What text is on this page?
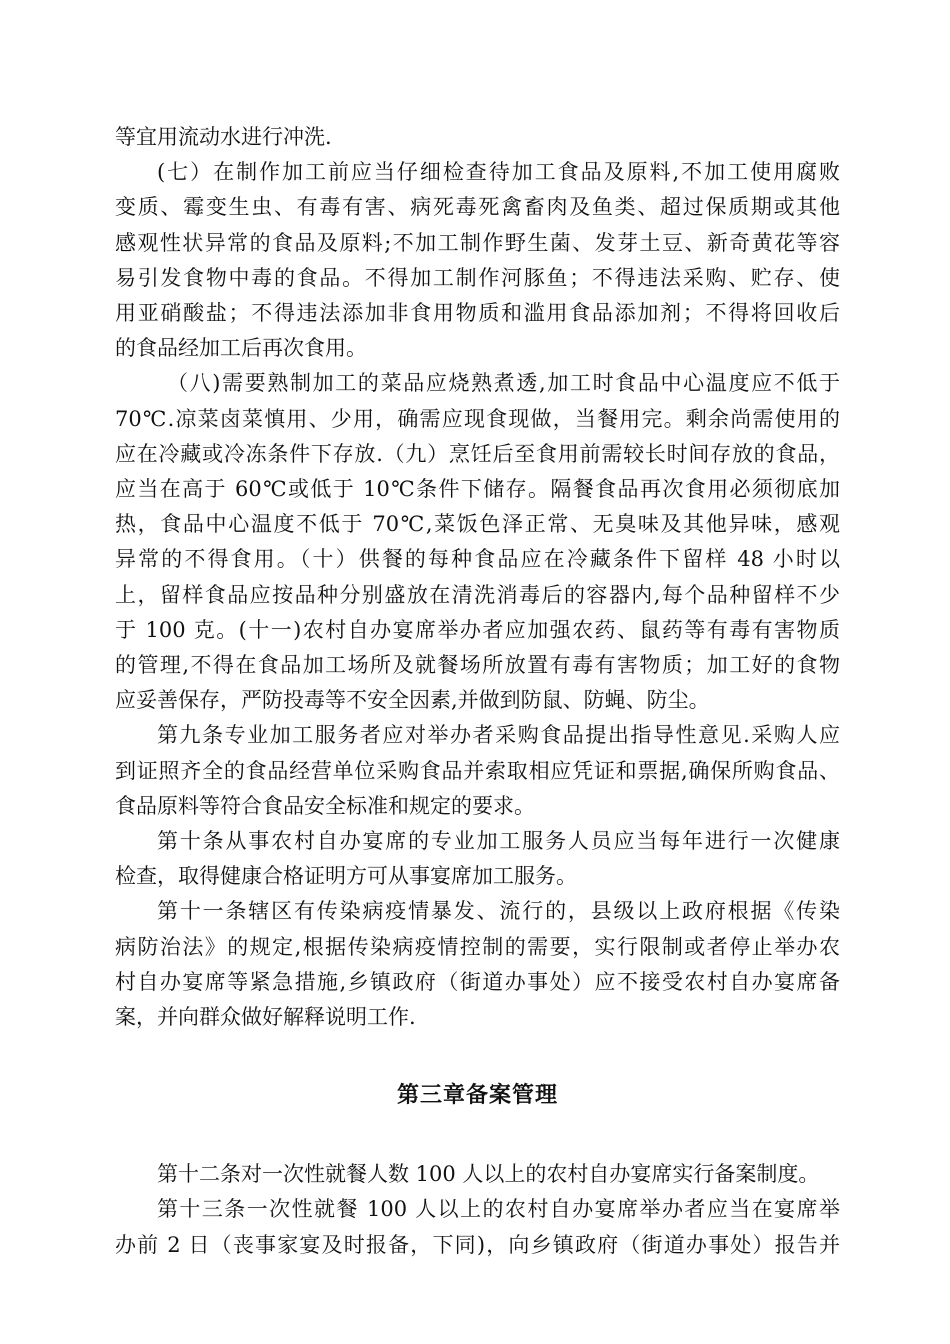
等宜用流动水进行冲洗.
(七）在制作加工前应当仔细检查待加工食品及原料,不加工使用腐败
变质、霉变生虫、有毒有害、病死毒死禽畜肉及鱼类、超过保质期或其他
感观性状异常的食品及原料;不加工制作野生菌、发芽土豆、新奇黄花等容
易引发食物中毒的食品。不得加工制作河豚鱼；不得违法采购、贮存、使
用亚硝酸盐；不得违法添加非食用物质和滥用食品添加剂；不得将回收后
的食品经加工后再次食用。
（八)需要熟制加工的菜品应烧熟煮透,加工时食品中心温度应不低于
70℃.凉菜卤菜慎用、少用，确需应现食现做，当餐用完。剩余尚需使用的
应在冷藏或冷冻条件下存放.（九）烹饪后至食用前需较长时间存放的食品，
应当在高于 60℃或低于 10℃条件下储存。隔餐食品再次食用必须彻底加
热，食品中心温度不低于 70℃,菜饭色泽正常、无臭味及其他异味，感观
异常的不得食用。（十）供餐的每种食品应在冷藏条件下留样 48 小时以
上，留样食品应按品种分别盛放在清洗消毒后的容器内,每个品种留样不少
于 100 克。(十一)农村自办宴席举办者应加强农药、鼠药等有毒有害物质
的管理,不得在食品加工场所及就餐场所放置有毒有害物质；加工好的食物
应妥善保存，严防投毒等不安全因素,并做到防鼠、防蝇、防尘。
第九条专业加工服务者应对举办者采购食品提出指导性意见.采购人应
到证照齐全的食品经营单位采购食品并索取相应凭证和票据,确保所购食品、
食品原料等符合食品安全标准和规定的要求。
第十条从事农村自办宴席的专业加工服务人员应当每年进行一次健康
检查，取得健康合格证明方可从事宴席加工服务。
第十一条辖区有传染病疫情暴发、流行的，县级以上政府根据《传染
病防治法》的规定,根据传染病疫情控制的需要，实行限制或者停止举办农
村自办宴席等紧急措施,乡镇政府（街道办事处）应不接受农村自办宴席备
案，并向群众做好解释说明工作.
第三章备案管理
第十二条对一次性就餐人数 100 人以上的农村自办宴席实行备案制度。
第十三条一次性就餐 100 人以上的农村自办宴席举办者应当在宴席举
办前 2 日（丧事家宴及时报备，下同)，向乡镇政府（街道办事处）报告并
